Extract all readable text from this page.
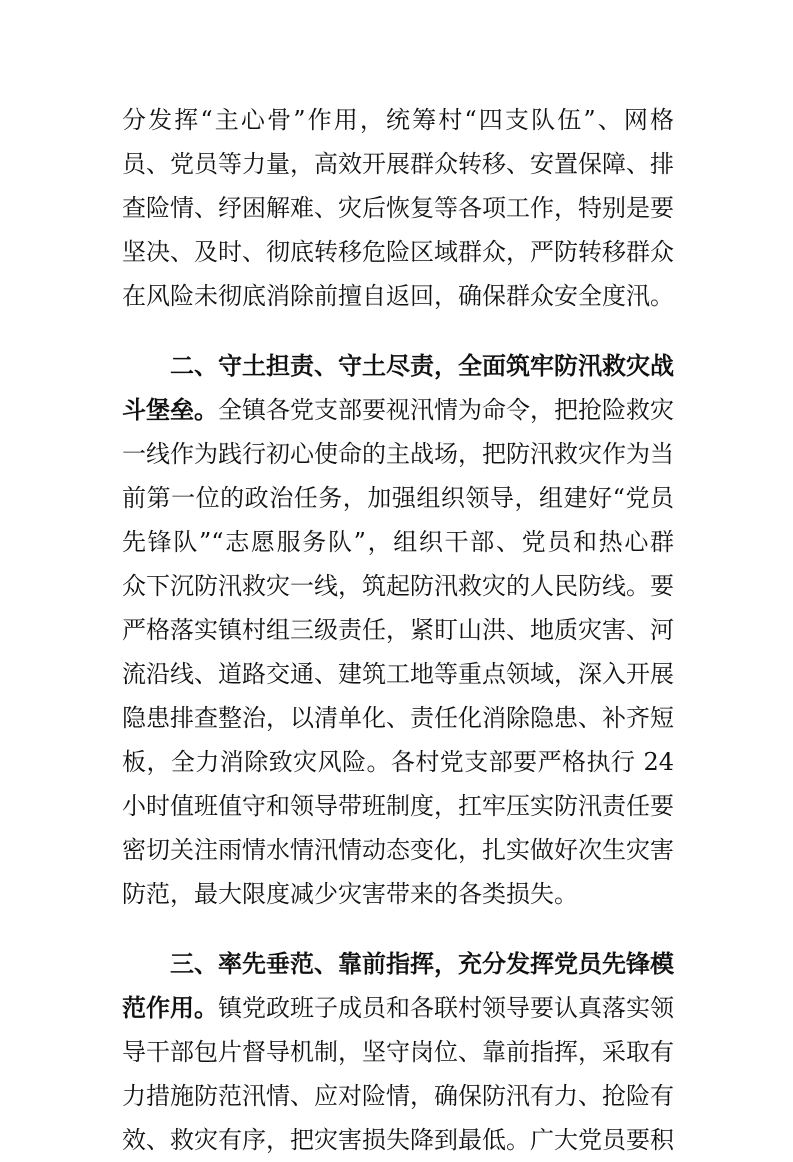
分发挥“主心骨”作用，统筹村“四支队伍”、网格
员、党员等力量，高效开展群众转移、安置保障、排
查险情、纾困解难、灾后恢复等各项工作，特别是要
坚决、及时、彻底转移危险区域群众，严防转移群众
在风险未彻底消除前擅自返回，确保群众安全度汛。
　　二、守土担责、守土尽责，全面筑牢防汛救灾战
斗堡垒。全镇各党支部要视汛情为命令，把抢险救灾
一线作为践行初心使命的主战场，把防汛救灾作为当
前第一位的政治任务，加强组织领导，组建好“党员
先锋队”“志愿服务队”，组织干部、党员和热心群
众下沉防汛救灾一线，筑起防汛救灾的人民防线。要
严格落实镇村组三级责任，紧盯山洪、地质灾害、河
流沿线、道路交通、建筑工地等重点领域，深入开展
隐患排查整治，以清单化、责任化消除隐患、补齐短
板，全力消除致灾风险。各村党支部要严格执行 24
小时值班值守和领导带班制度，扛牢压实防汛责任要
密切关注雨情水情汛情动态变化，扎实做好次生灾害
防范，最大限度减少灾害带来的各类损失。
　　三、率先垂范、靠前指挥，充分发挥党员先锋模
范作用。镇党政班子成员和各联村领导要认真落实领
导干部包片督导机制，坚守岗位、靠前指挥，采取有
力措施防范汛情、应对险情，确保防汛有力、抢险有
效、救灾有序，把灾害损失降到最低。广大党员要积
